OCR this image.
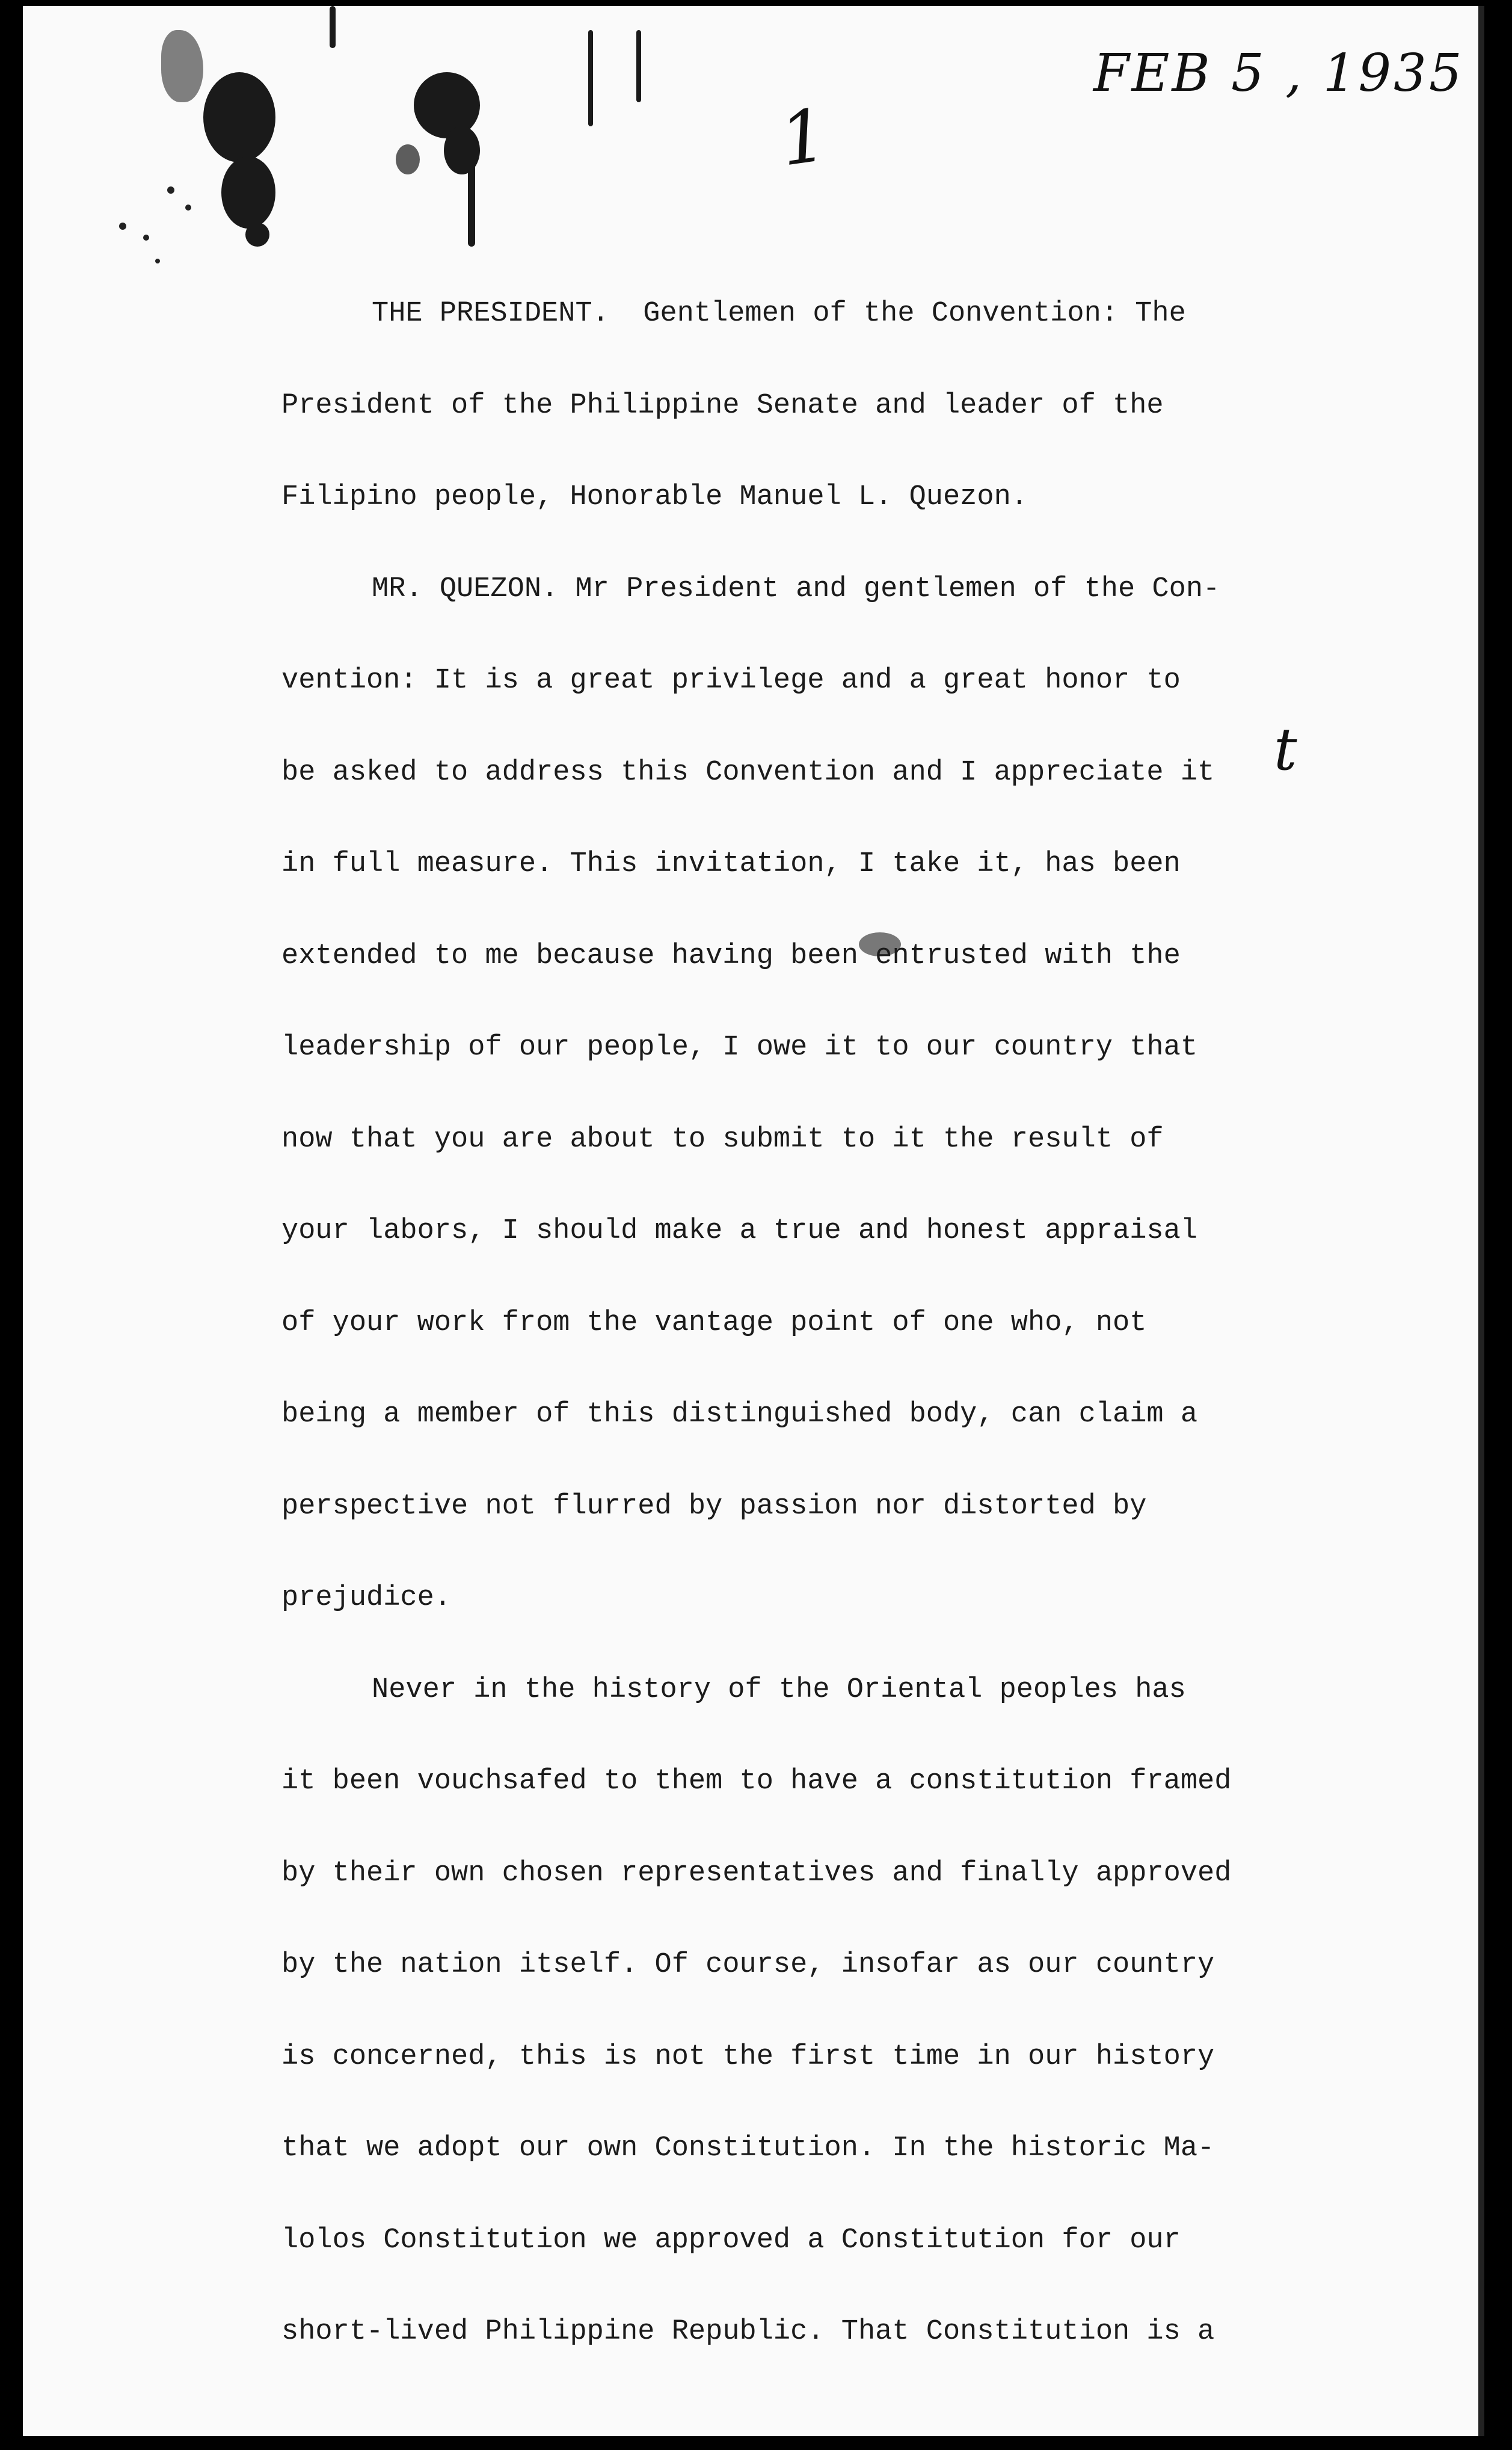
FEB 5 , 1935
1
t
THE PRESIDENT.  Gentlemen of the Convention: The
President of the Philippine Senate and leader of the
Filipino people, Honorable Manuel L. Quezon.
MR. QUEZON. Mr President and gentlemen of the Con-
vention: It is a great privilege and a great honor to
be asked to address this Convention and I appreciate it
in full measure. This invitation, I take it, has been
extended to me because having been entrusted with the
leadership of our people, I owe it to our country that
now that you are about to submit to it the result of
your labors, I should make a true and honest appraisal
of your work from the vantage point of one who, not
being a member of this distinguished body, can claim a
perspective not flurred by passion nor distorted by
prejudice.
Never in the history of the Oriental peoples has
it been vouchsafed to them to have a constitution framed
by their own chosen representatives and finally approved
by the nation itself. Of course, insofar as our country
is concerned, this is not the first time in our history
that we adopt our own Constitution. In the historic Ma-
lolos Constitution we approved a Constitution for our
short-lived Philippine Republic. That Constitution is a
